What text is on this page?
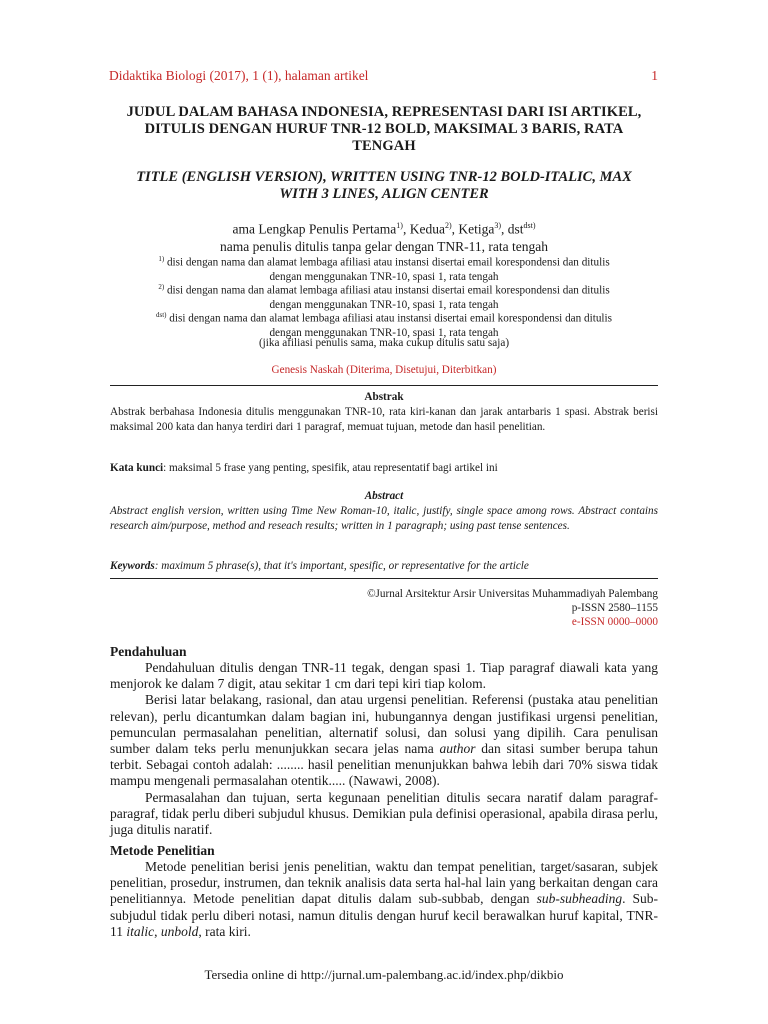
Didaktika Biologi (2017), 1 (1), halaman artikel	1
JUDUL DALAM BAHASA INDONESIA, REPRESENTASI DARI ISI ARTIKEL,
DITULIS DENGAN HURUF TNR-12 BOLD, MAKSIMAL 3 BARIS, RATA
TENGAH
TITLE (ENGLISH VERSION), WRITTEN USING TNR-12 BOLD-ITALIC, MAX
WITH 3 LINES, ALIGN CENTER
ama Lengkap Penulis Pertama$^{1)}$, Kedua$^{2)}$, Ketiga$^{3)}$, dst$^{dst)}$
nama penulis ditulis tanpa gelar dengan TNR-11, rata tengah
$^{1)}$ disi dengan nama dan alamat lembaga afiliasi atau instansi disertai email korespondensi dan ditulis
dengan menggunakan TNR-10, spasi 1, rata tengah
$^{2)}$ disi dengan nama dan alamat lembaga afiliasi atau instansi disertai email korespondensi dan ditulis
dengan menggunakan TNR-10, spasi 1, rata tengah
$^{dst)}$ disi dengan nama dan alamat lembaga afiliasi atau instansi disertai email korespondensi dan ditulis
dengan menggunakan TNR-10, spasi 1, rata tengah
(jika afiliasi penulis sama, maka cukup ditulis satu saja)
Genesis Naskah (Diterima, Disetujui, Diterbitkan)
Abstrak
Abstrak berbahasa Indonesia ditulis menggunakan TNR-10, rata kiri-kanan dan jarak antarbaris 1 spasi. Abstrak berisi maksimal 200 kata dan hanya terdiri dari 1 paragraf, memuat tujuan, metode dan hasil penelitian.
Kata kunci: maksimal 5 frase yang penting, spesifik, atau representatif bagi artikel ini
Abstract
Abstract english version, written using Time New Roman-10, italic, justify, single space among rows. Abstract contains research aim/purpose, method and reseach results; written in 1 paragraph; using past tense sentences.
Keywords: maximum 5 phrase(s), that it's important, spesific, or representative for the article
©Jurnal Arsitektur Arsir Universitas Muhammadiyah Palembang
p-ISSN 2580–1155
e-ISSN 0000–0000
Pendahuluan

Pendahuluan ditulis dengan TNR-11 tegak, dengan spasi 1. Tiap paragraf diawali kata yang menjorok ke dalam 7 digit, atau sekitar 1 cm dari tepi kiri tiap kolom.

Berisi latar belakang, rasional, dan atau urgensi penelitian. Referensi (pustaka atau penelitian relevan), perlu dicantumkan dalam bagian ini, hubungannya dengan justifikasi urgensi penelitian, pemunculan permasalahan penelitian, alternatif solusi, dan solusi yang dipilih. Cara penulisan sumber dalam teks perlu menunjukkan secara jelas nama author dan sitasi sumber berupa tahun terbit. Sebagai contoh adalah: ........ hasil penelitian menunjukkan bahwa lebih dari 70% siswa tidak mampu mengenali permasalahan otentik..... (Nawawi, 2008).

Permasalahan dan tujuan, serta kegunaan penelitian ditulis secara naratif dalam paragraf-paragraf, tidak perlu diberi subjudul khusus. Demikian pula definisi operasional, apabila dirasa perlu, juga ditulis naratif.

Metode Penelitian

Metode penelitian berisi jenis penelitian, waktu dan tempat penelitian, target/sasaran, subjek penelitian, prosedur, instrumen, dan teknik analisis data serta hal-hal lain yang berkaitan dengan cara penelitiannya. Metode penelitian dapat ditulis dalam sub-subbab, dengan sub-subheading. Sub-subjudul tidak perlu diberi notasi, namun ditulis dengan huruf kecil berawalkan huruf kapital, TNR-11 italic, unbold, rata kiri.

Tersedia online di http://jurnal.um-palembang.ac.id/index.php/dikbio
